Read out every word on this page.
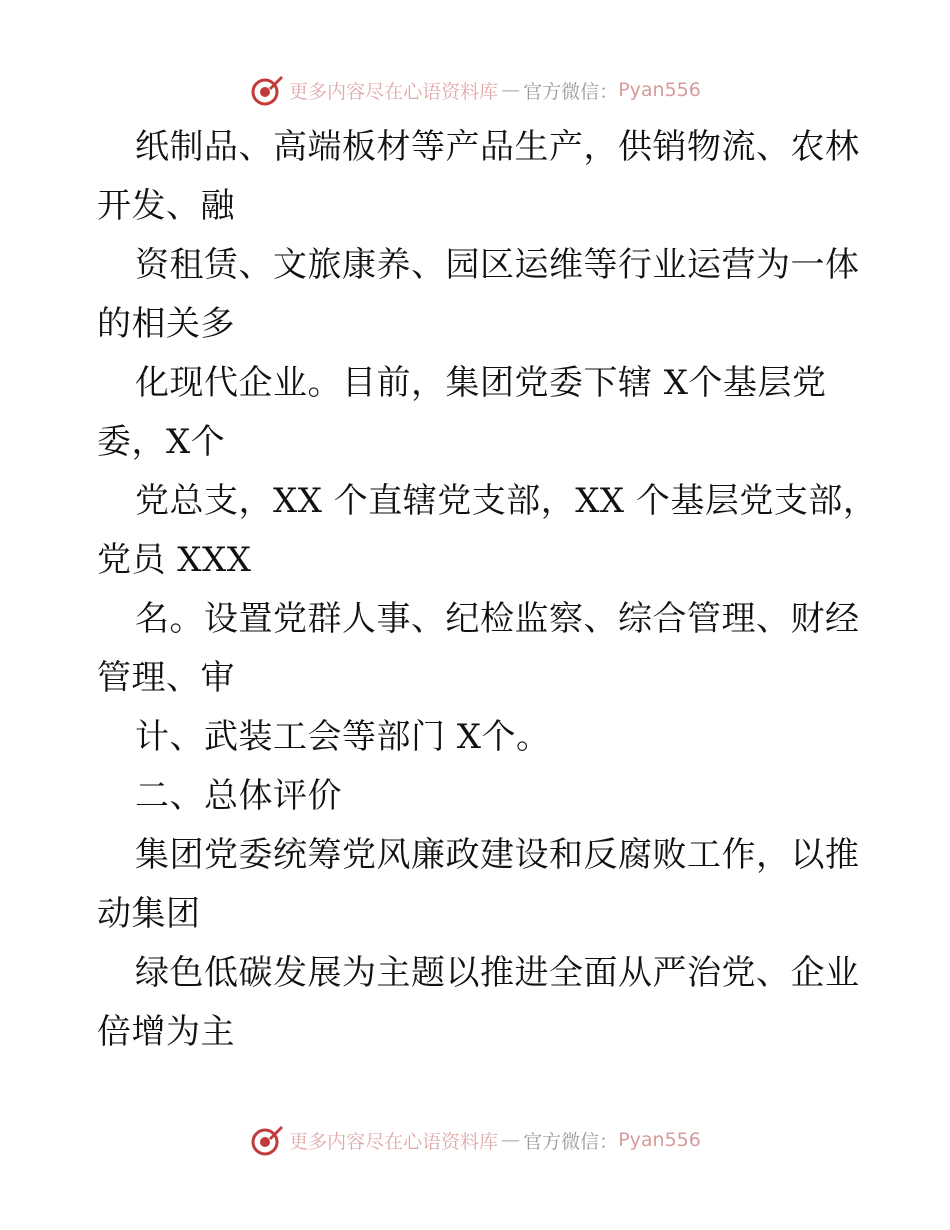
更多内容尽在心语资料库 — 官方微信： Pyan556
纸制品、高端板材等产品生产，供销物流、农林
开发、融
资租赁、文旅康养、园区运维等行业运营为一体
的相关多
化现代企业。目前，集团党委下辖 X个基层党
委，X个
党总支，XX 个直辖党支部，XX 个基层党支部，
党员 XXX
名。设置党群人事、纪检监察、综合管理、财经
管理、审
计、武装工会等部门 X个。
二、总体评价
集团党委统筹党风廉政建设和反腐败工作，以推
动集团
绿色低碳发展为主题以推进全面从严治党、企业
倍增为主
更多内容尽在心语资料库 — 官方微信： Pyan556
